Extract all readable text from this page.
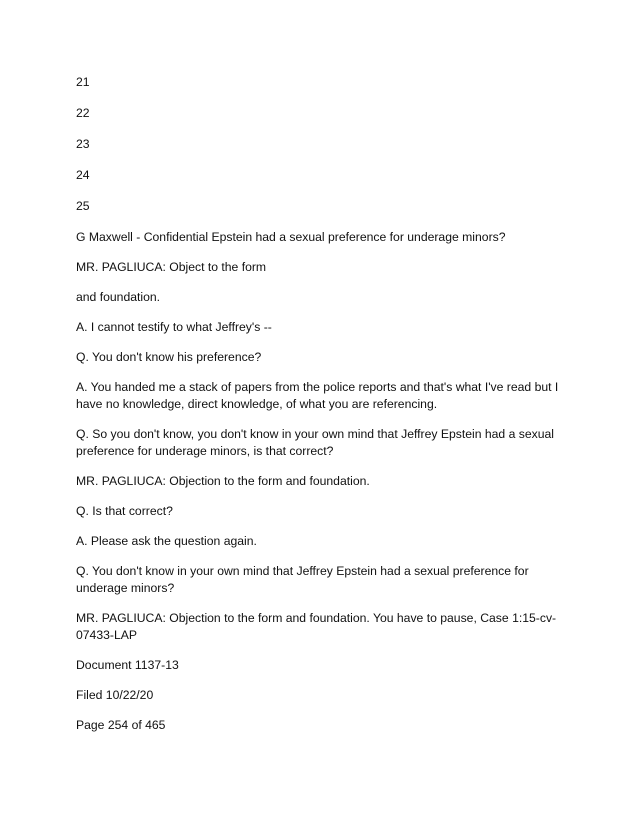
21

22

23

24

25

G Maxwell - Confidential Epstein had a sexual preference for underage minors?

MR. PAGLIUCA: Object to the form

and foundation.

A. I cannot testify to what Jeffrey's --

Q. You don't know his preference?

A. You handed me a stack of papers from the police reports and that's what I've read but I have no knowledge, direct knowledge, of what you are referencing.

Q. So you don't know, you don't know in your own mind that Jeffrey Epstein had a sexual preference for underage minors, is that correct?

MR. PAGLIUCA: Objection to the form and foundation.

Q. Is that correct?

A. Please ask the question again.

Q. You don't know in your own mind that Jeffrey Epstein had a sexual preference for underage minors?

MR. PAGLIUCA: Objection to the form and foundation. You have to pause, Case 1:15-cv-07433-LAP

Document 1137-13

Filed 10/22/20

Page 254 of 465
